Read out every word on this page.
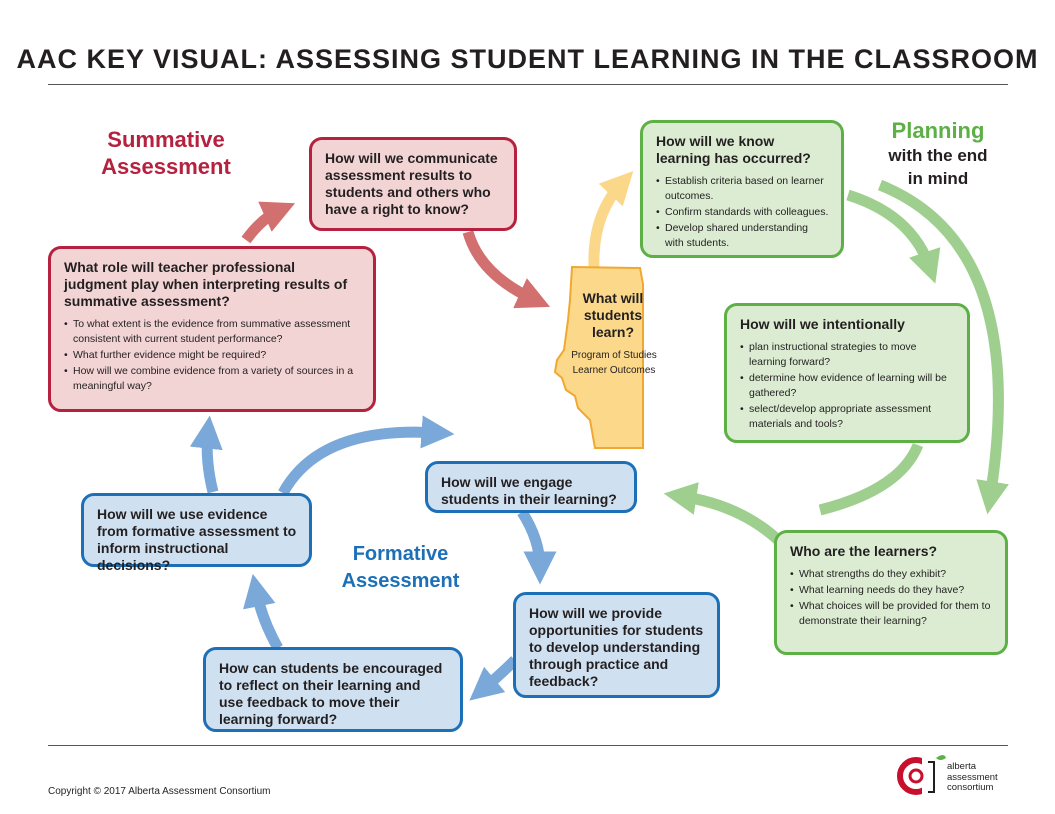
AAC KEY VISUAL: ASSESSING STUDENT LEARNING IN THE CLASSROOM
Summative
Assessment
Planning
with the end
in mind
Formative
Assessment
What will
students
learn?
Program of Studies
Learner Outcomes
How will we communicate assessment results to students and others who have a right to know?
What role will teacher professional judgment play when interpreting results of summative assessment?
• To what extent is the evidence from summative assessment consistent with current student performance?
• What further evidence might be required?
• How will we combine evidence from a variety of sources in a meaningful way?
How will we know learning has occurred?
• Establish criteria based on learner outcomes.
• Confirm standards with colleagues.
• Develop shared understanding with students.
How will we intentionally
• plan instructional strategies to move learning forward?
• determine how evidence of learning will be gathered?
• select/develop appropriate assessment materials and tools?
Who are the learners?
• What strengths do they exhibit?
• What learning needs do they have?
• What choices will be provided for them to demonstrate their learning?
How will we engage students in their learning?
How will we use evidence from formative assessment to inform instructional decisions?
How will we provide opportunities for students to develop understanding through practice and feedback?
How can students be encouraged to reflect on their learning and use feedback to move their learning forward?
Copyright © 2017 Alberta Assessment Consortium
alberta
assessment
consortium
